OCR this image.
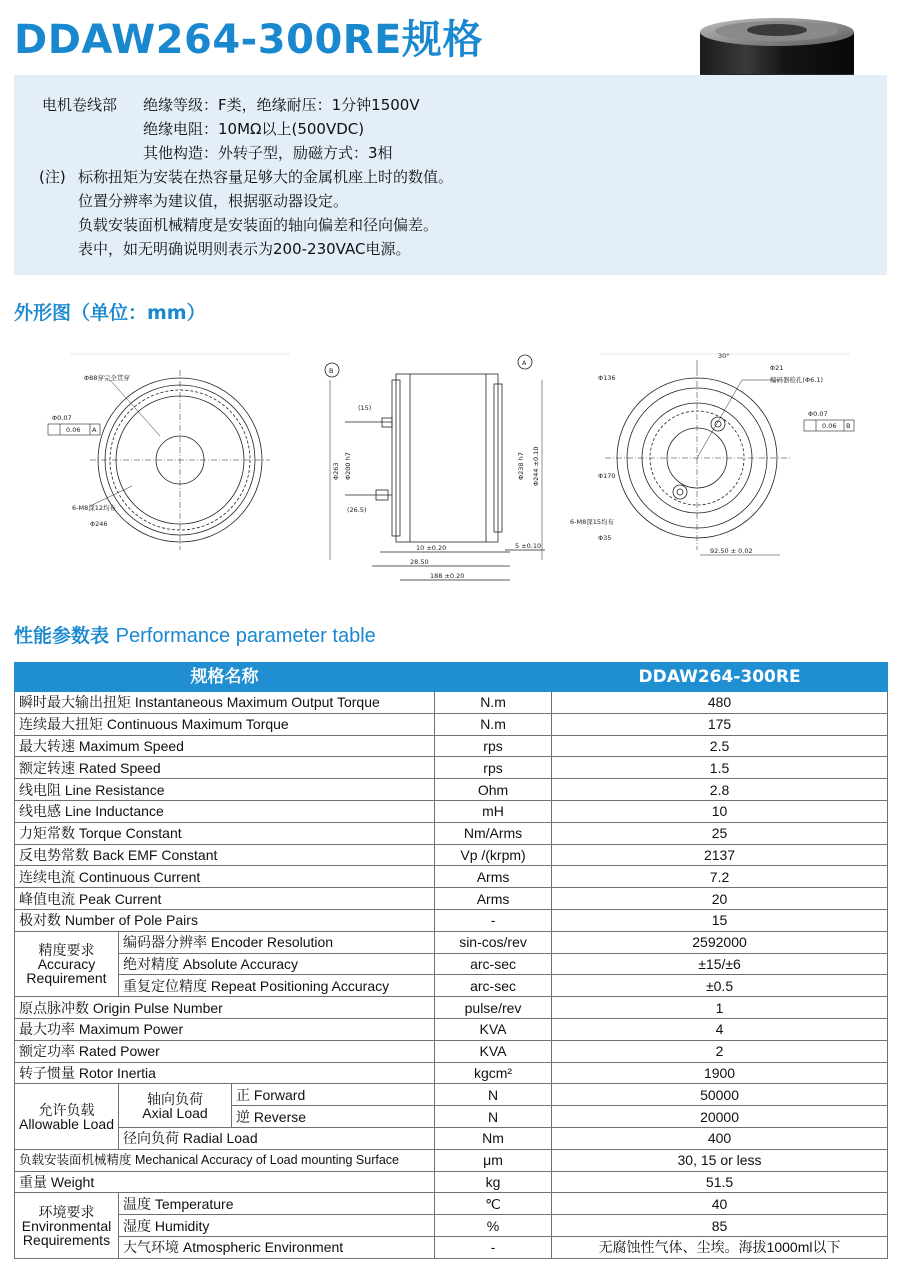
DDAW264-300RE规格
电机卷线部 绝缘等级：F类，绝缘耐压：1分钟1500V
绝缘电阻：10MΩ以上(500VDC)
其他构造：外转子型，励磁方式：3相
(注) 标称扭矩为安装在热容量足够大的金属机座上时的数值。
位置分辨率为建议值，根据驱动器设定。
负载安装面机械精度是安装面的轴向偏差和径向偏差。
表中，如无明确说明则表示为200-230VAC电源。
外形图（单位：mm）
Φ88穿完全贯穿
Φ0.07
0.06 A
6-M8深12均布
Φ246
(15)
(26.5)
10 ±0.20
28.50
188 ±0.20
5 ±0.10
B
A
Φ263 Φ200 h7	Φ238 h7 Φ244 ±0.10
30°
Φ21
Φ136	编码器检孔(Φ6.1)
Φ170
6-M8深15均布
Φ35
92.50 ± 0.02
Φ0.07
0.06 B
性能参数表 Performance parameter table
规格名称				DDAW264-300RE
瞬时最大输出扭矩 Instantaneous Maximum Output Torque			N.m	480
连续最大扭矩 Continuous Maximum Torque			N.m	175
最大转速 Maximum Speed			rps	2.5
额定转速 Rated Speed			rps	1.5
线电阻 Line Resistance			Ohm	2.8
线电感 Line Inductance			mH	10
力矩常数 Torque Constant			Nm/Arms	25
反电势常数 Back EMF Constant			Vp /(krpm)	2137
连续电流 Continuous Current			Arms	7.2
峰值电流 Peak Current			Arms	20
极对数 Number of Pole Pairs			-	15
精度要求
Accuracy
Requirement	编码器分辨率 Encoder Resolution		sin-cos/rev	2592000
	绝对精度 Absolute Accuracy		arc-sec	±15/±6
	重复定位精度 Repeat Positioning Accuracy		arc-sec	±0.5
原点脉冲数 Origin Pulse Number			pulse/rev	1
最大功率 Maximum Power			KVA	4
额定功率 Rated Power			KVA	2
转子惯量 Rotor Inertia			kgcm²	1900
允许负载
Allowable Load	轴向负荷
Axial Load	正 Forward	N	50000
		逆 Reverse	N	20000
	径向负荷 Radial Load		Nm	400
负载安装面机械精度 Mechanical Accuracy of Load mounting Surface			μm	30, 15 or less
重量 Weight			kg	51.5
环境要求
Environmental
Requirements	温度 Temperature		℃	40
	湿度 Humidity		%	85
	大气环境 Atmospheric Environment		-	无腐蚀性气体、尘埃。海拔1000ml以下
